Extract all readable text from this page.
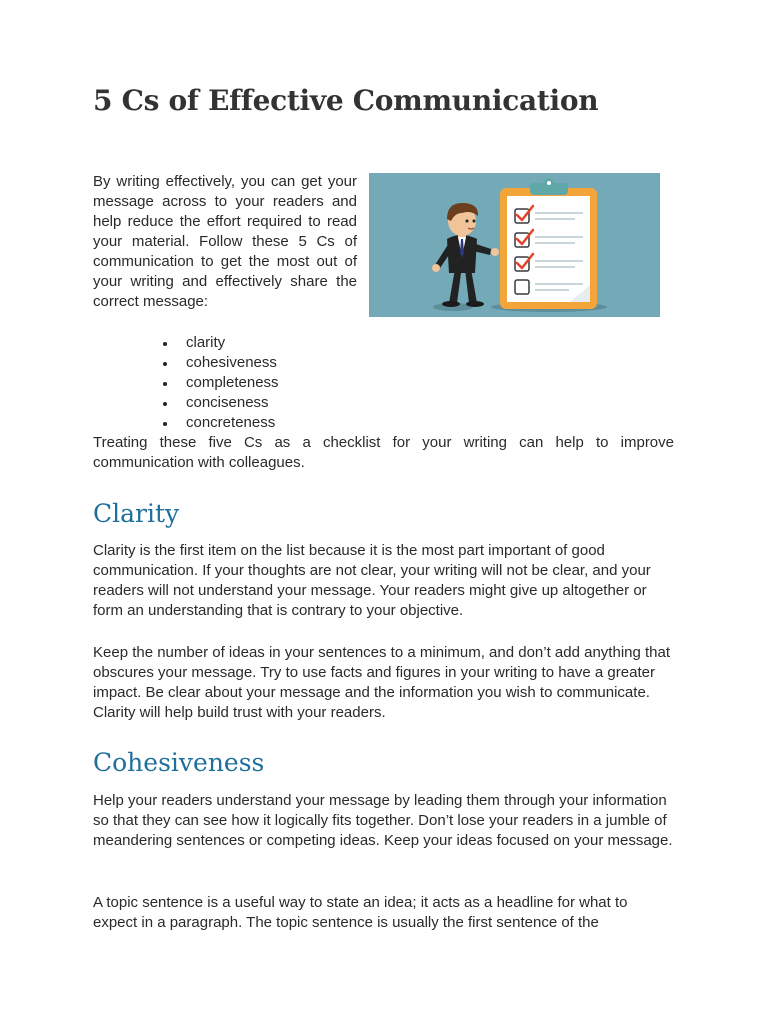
5 Cs of Effective Communication

By writing effectively, you can get your message across to your readers and help reduce the effort required to read your material. Follow these 5 Cs of communication to get the most out of your writing and effectively share the correct message:

clarity
cohesiveness
completeness
conciseness
concreteness

Treating these five Cs as a checklist for your writing can help to improve communication with colleagues.

Clarity

Clarity is the first item on the list because it is the most part important of good communication. If your thoughts are not clear, your writing will not be clear, and your readers will not understand your message. Your readers might give up altogether or form an understanding that is contrary to your objective.

Keep the number of ideas in your sentences to a minimum, and don’t add anything that obscures your message. Try to use facts and figures in your writing to have a greater impact. Be clear about your message and the information you wish to communicate. Clarity will help build trust with your readers.

Cohesiveness

Help your readers understand your message by leading them through your information so that they can see how it logically fits together. Don’t lose your readers in a jumble of meandering sentences or competing ideas. Keep your ideas focused on your message.

A topic sentence is a useful way to state an idea; it acts as a headline for what to expect in a paragraph. The topic sentence is usually the first sentence of the
